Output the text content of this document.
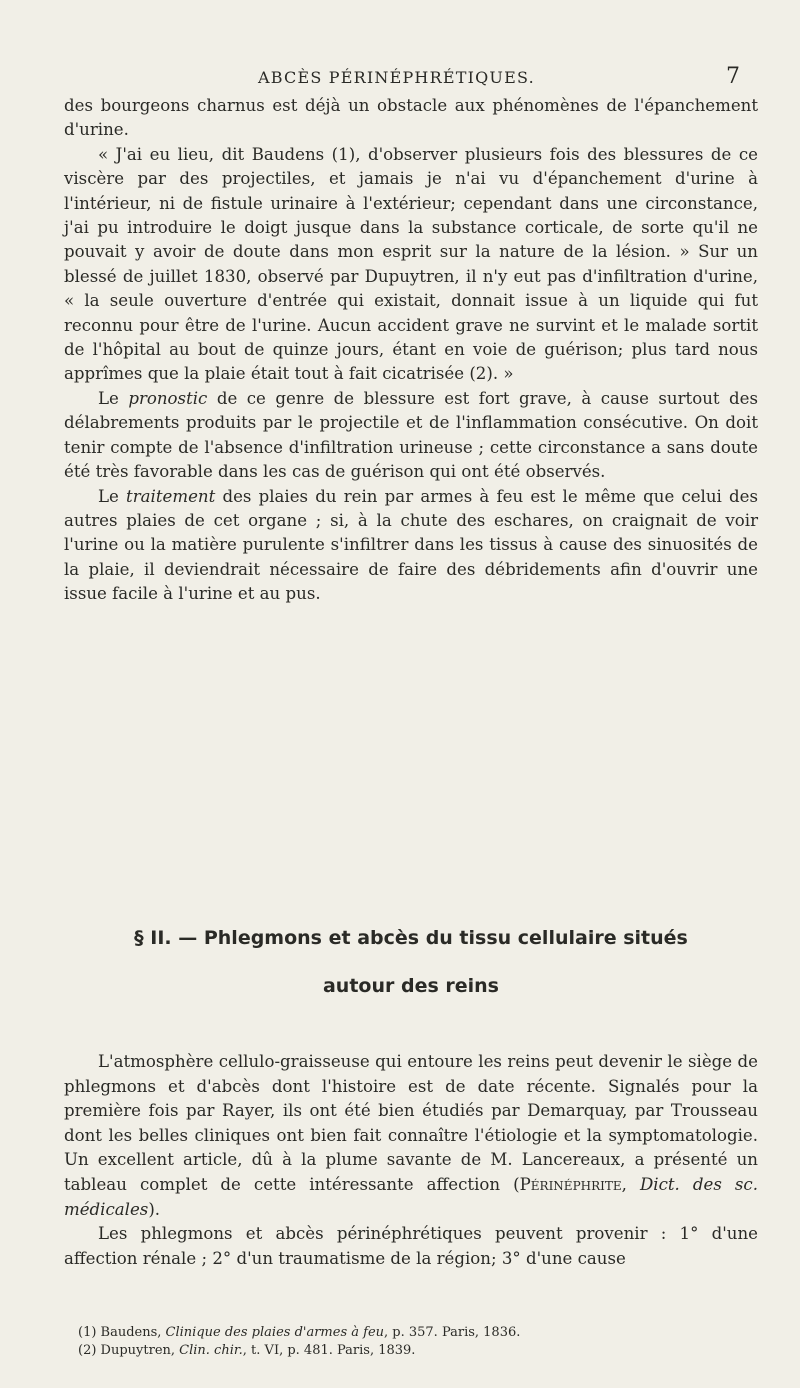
ABCÈS PÉRINÉPHRÉTIQUES.	7

des bourgeons charnus est déjà un obstacle aux phénomènes de l'épanchement d'urine.

« J'ai eu lieu, dit Baudens (1), d'observer plusieurs fois des blessures de ce viscère par des projectiles, et jamais je n'ai vu d'épanchement d'urine à l'intérieur, ni de fistule urinaire à l'extérieur; cependant dans une circonstance, j'ai pu introduire le doigt jusque dans la substance corticale, de sorte qu'il ne pouvait y avoir de doute dans mon esprit sur la nature de la lésion. » Sur un blessé de juillet 1830, observé par Dupuytren, il n'y eut pas d'infiltration d'urine, « la seule ouverture d'entrée qui existait, donnait issue à un liquide qui fut reconnu pour être de l'urine. Aucun accident grave ne survint et le malade sortit de l'hôpital au bout de quinze jours, étant en voie de guérison; plus tard nous apprîmes que la plaie était tout à fait cicatrisée (2). »

Le pronostic de ce genre de blessure est fort grave, à cause surtout des délabrements produits par le projectile et de l'inflammation consécutive. On doit tenir compte de l'absence d'infiltration urineuse ; cette circonstance a sans doute été très favorable dans les cas de guérison qui ont été observés.

Le traitement des plaies du rein par armes à feu est le même que celui des autres plaies de cet organe ; si, à la chute des eschares, on craignait de voir l'urine ou la matière purulente s'infiltrer dans les tissus à cause des sinuosités de la plaie, il deviendrait nécessaire de faire des débridements afin d'ouvrir une issue facile à l'urine et au pus.

§ II. — Phlegmons et abcès du tissu cellulaire situés
autour des reins

L'atmosphère cellulo-graisseuse qui entoure les reins peut devenir le siège de phlegmons et d'abcès dont l'histoire est de date récente. Signalés pour la première fois par Rayer, ils ont été bien étudiés par Demarquay, par Trousseau dont les belles cliniques ont bien fait connaître l'étiologie et la symptomatologie. Un excellent article, dû à la plume savante de M. Lancereaux, a présenté un tableau complet de cette intéressante affection (Périnéphrite, Dict. des sc. médicales).

Les phlegmons et abcès périnéphrétiques peuvent provenir : 1° d'une affection rénale ; 2° d'un traumatisme de la région; 3° d'une cause

(1) Baudens, Clinique des plaies d'armes à feu, p. 357. Paris, 1836.
(2) Dupuytren, Clin. chir., t. VI, p. 481. Paris, 1839.
